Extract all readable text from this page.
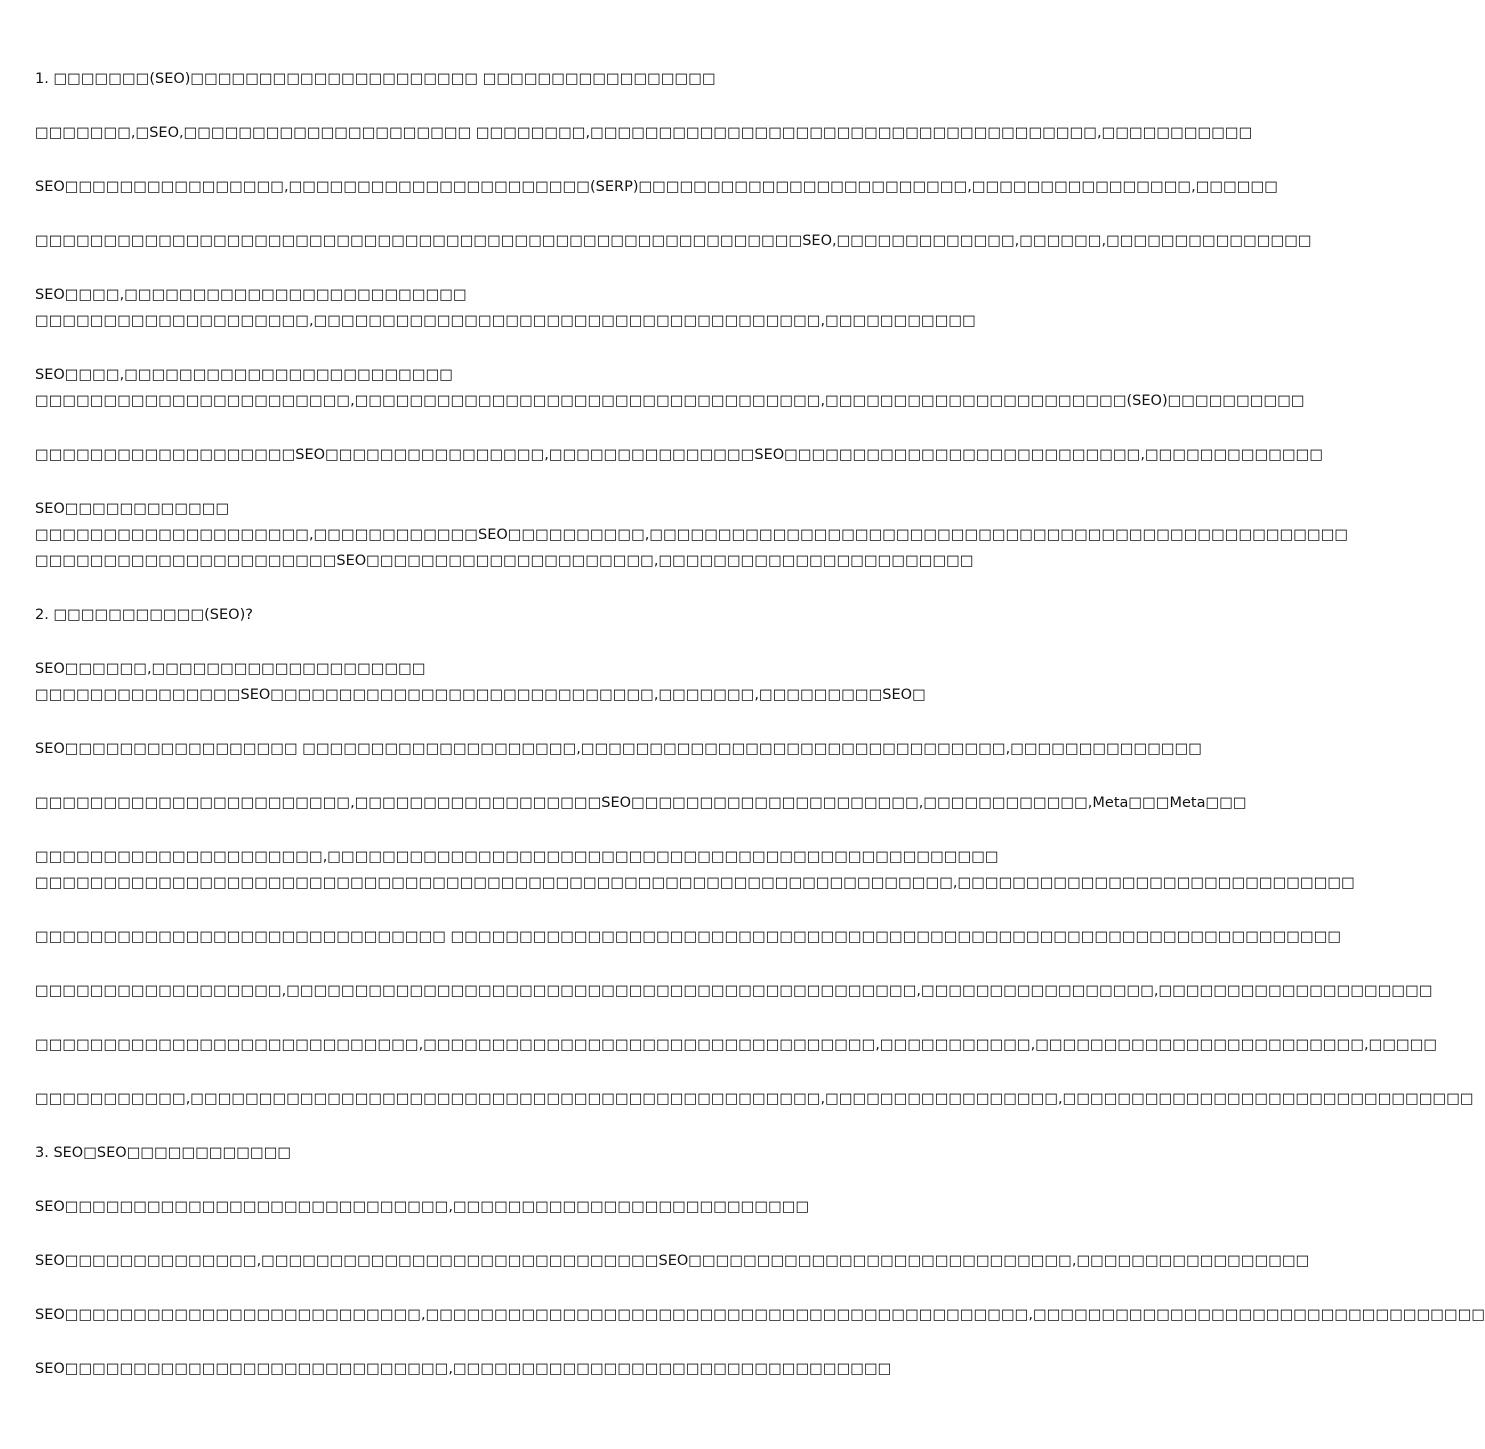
1. □□□□□□□(SEO)□□□□□□□□□□□□□□□□□□□□□ □□□□□□□□□□□□□□□□□
□□□□□□□,□SEO,□□□□□□□□□□□□□□□□□□□□□ □□□□□□□□,□□□□□□□□□□□□□□□□□□□□□□□□□□□□□□□□□□□□□,□□□□□□□□□□□
SEO□□□□□□□□□□□□□□□□,□□□□□□□□□□□□□□□□□□□□□□(SERP)□□□□□□□□□□□□□□□□□□□□□□□□,□□□□□□□□□□□□□□□□,□□□□□□
□□□□□□□□□□□□□□□□□□□□□□□□□□□□□□□□□□□□□□□□□□□□□□□□□□□□□□□□SEO,□□□□□□□□□□□□□,□□□□□□,□□□□□□□□□□□□□□□
SEO□□□□,□□□□□□□□□□□□□□□□□□□□□□□□□
□□□□□□□□□□□□□□□□□□□□,□□□□□□□□□□□□□□□□□□□□□□□□□□□□□□□□□□□□□,□□□□□□□□□□□
SEO□□□□,□□□□□□□□□□□□□□□□□□□□□□□□
□□□□□□□□□□□□□□□□□□□□□□□,□□□□□□□□□□□□□□□□□□□□□□□□□□□□□□□□□□,□□□□□□□□□□□□□□□□□□□□□□(SEO)□□□□□□□□□□
□□□□□□□□□□□□□□□□□□□SEO□□□□□□□□□□□□□□□□,□□□□□□□□□□□□□□□SEO□□□□□□□□□□□□□□□□□□□□□□□□□□,□□□□□□□□□□□□□
SEO□□□□□□□□□□□□
□□□□□□□□□□□□□□□□□□□□,□□□□□□□□□□□□SEO□□□□□□□□□□,□□□□□□□□□□□□□□□□□□□□□□□□□□□□□□□□□□□□□□□□□□□□□□□□□□□
□□□□□□□□□□□□□□□□□□□□□□SEO□□□□□□□□□□□□□□□□□□□□□,□□□□□□□□□□□□□□□□□□□□□□□
2. □□□□□□□□□□□(SEO)?
SEO□□□□□□,□□□□□□□□□□□□□□□□□□□□
□□□□□□□□□□□□□□□SEO□□□□□□□□□□□□□□□□□□□□□□□□□□□□,□□□□□□□,□□□□□□□□□SEO□
SEO□□□□□□□□□□□□□□□□□ □□□□□□□□□□□□□□□□□□□□,□□□□□□□□□□□□□□□□□□□□□□□□□□□□□□□,□□□□□□□□□□□□□□
□□□□□□□□□□□□□□□□□□□□□□□,□□□□□□□□□□□□□□□□□□SEO□□□□□□□□□□□□□□□□□□□□□,□□□□□□□□□□□□,Meta□□□Meta□□□
□□□□□□□□□□□□□□□□□□□□□,□□□□□□□□□□□□□□□□□□□□□□□□□□□□□□□□□□□□□□□□□□□□□□□□□
□□□□□□□□□□□□□□□□□□□□□□□□□□□□□□□□□□□□□□□□□□□□□□□□□□□□□□□□□□□□□□□□□□□,□□□□□□□□□□□□□□□□□□□□□□□□□□□□□
□□□□□□□□□□□□□□□□□□□□□□□□□□□□□□ □□□□□□□□□□□□□□□□□□□□□□□□□□□□□□□□□□□□□□□□□□□□□□□□□□□□□□□□□□□□□□□□□
□□□□□□□□□□□□□□□□□□,□□□□□□□□□□□□□□□□□□□□□□□□□□□□□□□□□□□□□□□□□□□□□□,□□□□□□□□□□□□□□□□□,□□□□□□□□□□□□□□□□□□□□
□□□□□□□□□□□□□□□□□□□□□□□□□□□□,□□□□□□□□□□□□□□□□□□□□□□□□□□□□□□□□□,□□□□□□□□□□□,□□□□□□□□□□□□□□□□□□□□□□□□,□□□□□
□□□□□□□□□□□,□□□□□□□□□□□□□□□□□□□□□□□□□□□□□□□□□□□□□□□□□□□□□□,□□□□□□□□□□□□□□□□□,□□□□□□□□□□□□□□□□□□□□□□□□□□□□□□
3. SEO□SEO□□□□□□□□□□□□
SEO□□□□□□□□□□□□□□□□□□□□□□□□□□□□,□□□□□□□□□□□□□□□□□□□□□□□□□□
SEO□□□□□□□□□□□□□□,□□□□□□□□□□□□□□□□□□□□□□□□□□□□□SEO□□□□□□□□□□□□□□□□□□□□□□□□□□□□,□□□□□□□□□□□□□□□□□
SEO□□□□□□□□□□□□□□□□□□□□□□□□□□,□□□□□□□□□□□□□□□□□□□□□□□□□□□□□□□□□□□□□□□□□□□□,□□□□□□□□□□□□□□□□□□□□□□□□□□□□□□□□□
SEO□□□□□□□□□□□□□□□□□□□□□□□□□□□□,□□□□□□□□□□□□□□□□□□□□□□□□□□□□□□□□
